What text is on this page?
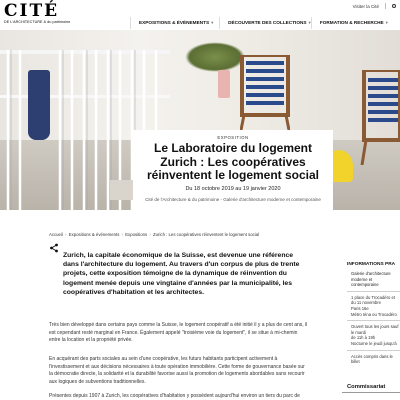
CITÉ
DE L'ARCHITECTURE & du patrimoine
Visiter la Cité
EXPOSITIONS & ÉVÉNEMENTS ▾	DÉCOUVERTE DES COLLECTIONS ▾	FORMATION & RECHERCHE ▾
EXPOSITION
Le Laboratoire du logement Zurich : Les coopératives réinventent le logement social
Du 18 octobre 2019 au 19 janvier 2020
Cité de l'Architecture & du patrimoine - Galerie d'architecture moderne et contemporaine
Accueil › Expositions & événements › Expositions › Zurich : Les coopératives réinventent le logement social
Zurich, la capitale économique de la Suisse, est devenue une référence dans l'architecture du logement. Au travers d'un corpus de plus de trente projets, cette exposition témoigne de la dynamique de réinvention du logement menée depuis une vingtaine d'années par la municipalité, les coopératives d'habitation et les architectes.
Très bien développé dans certains pays comme la Suisse, le logement coopératif a été initié il y a plus de cent ans, il est cependant resté marginal en France. Également appelé "troisième voie du logement", il se situe à mi-chemin entre la location et la propriété privée.
En acquérant des parts sociales au sein d'une coopérative, les futurs habitants participent activement à l'investissement et aux décisions nécessaires à toute opération immobilière. Cette forme de gouvernance basée sur la démocratie directe, la solidarité et la durabilité favorise aussi la promotion de logements abordables sans recourir aux logiques de subventions traditionnelles.
Présentes depuis 1907 à Zurich, les coopératives d'habitation y possèdent aujourd'hui environ un tiers du parc de
INFORMATIONS PRA
Galerie d'architecture moderne et
contemporaine
1 place du Trocadéro et du 11 novembre
Paris 16e
Métro Iéna ou Trocadéro
Ouvert tous les jours sauf le mardi
de 11h à 19h
Nocturne le jeudi jusqu'à
Accès compris dans le billet
Commissariat
